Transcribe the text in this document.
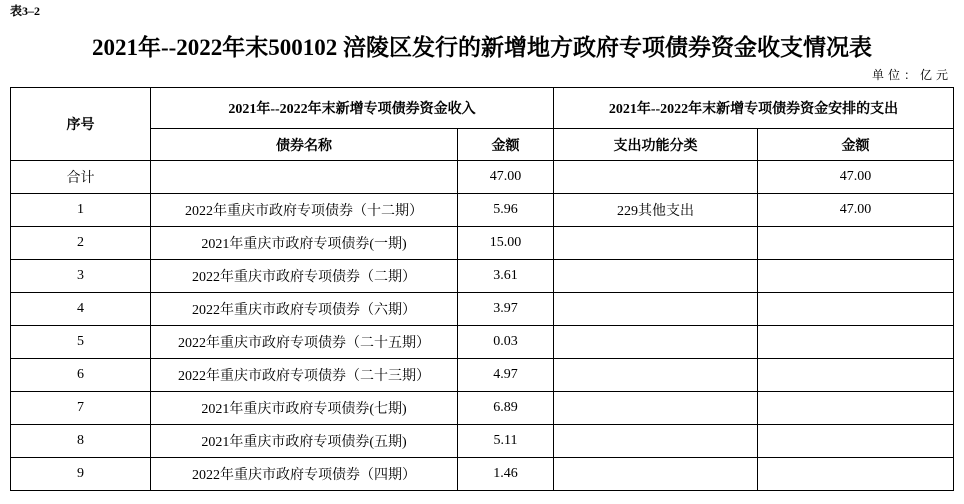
表3–2
2021年--2022年末500102 涪陵区发行的新增地方政府专项债券资金收支情况表
单位：亿元
序号	2021年--2022年末新增专项债券资金收入		2021年--2022年末新增专项债券资金安排的支出	
	债券名称	金额	支出功能分类	金额
合计		47.00		47.00
1	2022年重庆市政府专项债券（十二期）	5.96	229其他支出	47.00
2	2021年重庆市政府专项债券(一期)	15.00		
3	2022年重庆市政府专项债券（二期）	3.61		
4	2022年重庆市政府专项债券（六期）	3.97		
5	2022年重庆市政府专项债券（二十五期）	0.03		
6	2022年重庆市政府专项债券（二十三期）	4.97		
7	2021年重庆市政府专项债券(七期)	6.89		
8	2021年重庆市政府专项债券(五期)	5.11		
9	2022年重庆市政府专项债券（四期）	1.46		
